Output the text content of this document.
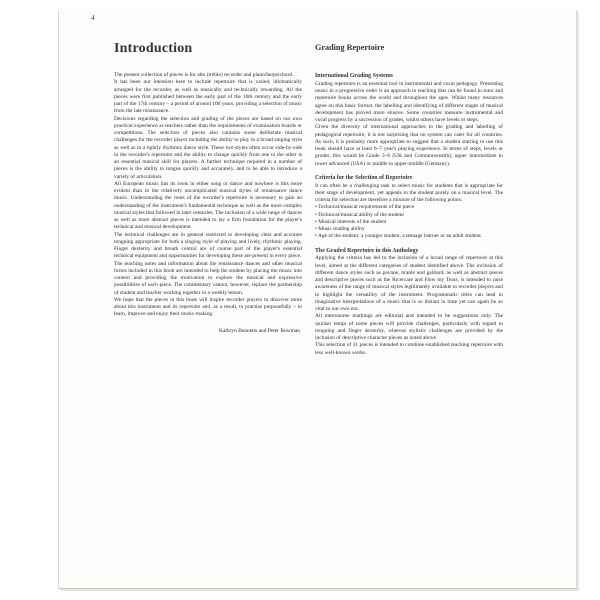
4
Introduction	Grading Repertoire

The present collection of pieces is for alto (treble) recorder and piano/harpsichord.

It has been our intention here to include repertoire that is varied, idiomatically arranged for the recorder, as well as musically and technically rewarding. All the pieces were first published between the early part of the 16th century and the early part of the 17th century – a period of around 100 years, providing a selection of music from the late renaissance.

Decisions regarding the selection and grading of the pieces are based on our own practical experience as teachers rather than the requirements of examination boards or competitions. The selection of pieces also contains some deliberate musical challenges for the recorder player including the ability to play in a broad singing style as well as in a tightly rhythmic dance style. These two styles often occur side-by-side in the recorder's repertoire and the ability to change quickly from one to the other is an essential musical skill for players. A further technique required in a number of pieces is the ability to tongue quickly and accurately, and to be able to introduce a variety of articulation.

All European music has its roots in either song or dance and nowhere is this more evident than in the relatively uncomplicated musical styles of renaissance dance music. Understanding the roots of the recorder's repertoire is necessary to gain an understanding of the instrument's fundamental technique as well as the more complex musical styles that followed in later centuries. The inclusion of a wide range of dances as well as more abstract pieces is intended to lay a firm foundation for the player's technical and musical development.

The technical challenges are in general restricted to developing clear and accurate tonguing appropriate for both a singing style of playing and lively, rhythmic playing. Finger dexterity and breath control are of course part of the player's essential technical equipment and opportunities for developing these are present in every piece.

The teaching notes and information about the renaissance dances and other musical forms included in this book are intended to help the student by placing the music into context and providing the motivation to explore the musical and expressive possibilities of each piece. The commentary cannot, however, replace the partnership of student and teacher working together in a weekly lesson.

We hope that the pieces in this book will inspire recorder players to discover more about this instrument and its repertoire and, as a result, to practise purposefully – to learn, improve and enjoy their music-making.

Kathryn Bennetts and Peter Bowman

International Grading Systems

Grading repertoire is an essential tool in instrumental and vocal pedagogy. Presenting music in a progressive order is an approach to teaching that can be found in tutor and repertoire books across the world and throughout the ages. Whilst many resources agree on this basic format, the labelling and identifying of different stages of musical development has proved more elusive. Some countries measure instrumental and vocal progress by a succession of grades, whilst others have levels or steps.

Given the diversity of international approaches to the grading and labelling of pedagogical repertoire, it is not surprising that no system can cater for all countries. As such, it is probably more appropriate to suggest that a student starting to use this book should have at least 6–7 year's playing experience. In terms of steps, levels or grades, this would be Grade 3–6 (UK and Commonwealth), upper intermediate to lower advanced (USA) or middle to upper-middle (Germany).

Criteria for the Selection of Repertoire

It can often be a challenging task to select music for students that is appropriate for their stage of development, yet appeals to the student purely on a musical level. The criteria for selection are therefore a mixture of the following points:

• Technical/musical requirements of the piece
• Technical/musical ability of the student
• Musical interests of the student
• Music reading ability
• Age of the student: a younger student, a teenage learner or an adult student.
The Graded Repertoire in this Anthology

Applying the criteria has led to the inclusion of a broad range of repertoire at this level, aimed at the different categories of student identified above. The inclusion of different dance styles such as pavane, branle and galliard, as well as abstract pieces and descriptive pieces such as the Ricercare and Flow my Tears, is intended to raise awareness of the range of musical styles legitimately available to recorder players and to highlight the versatility of the instrument. Programmatic titles can lead to imaginative interpretations of a music that is so distant in time yet can again be so vital to our own era.

All metronome markings are editorial and intended to be suggestions only. The quicker tempi of some pieces will provide challenges, particularly with regard to tonguing and finger dexterity, whereas stylistic challenges are provided by the inclusion of descriptive character pieces as noted above.

This selection of 31 pieces is intended to combine established teaching repertoire with less well-known works.
